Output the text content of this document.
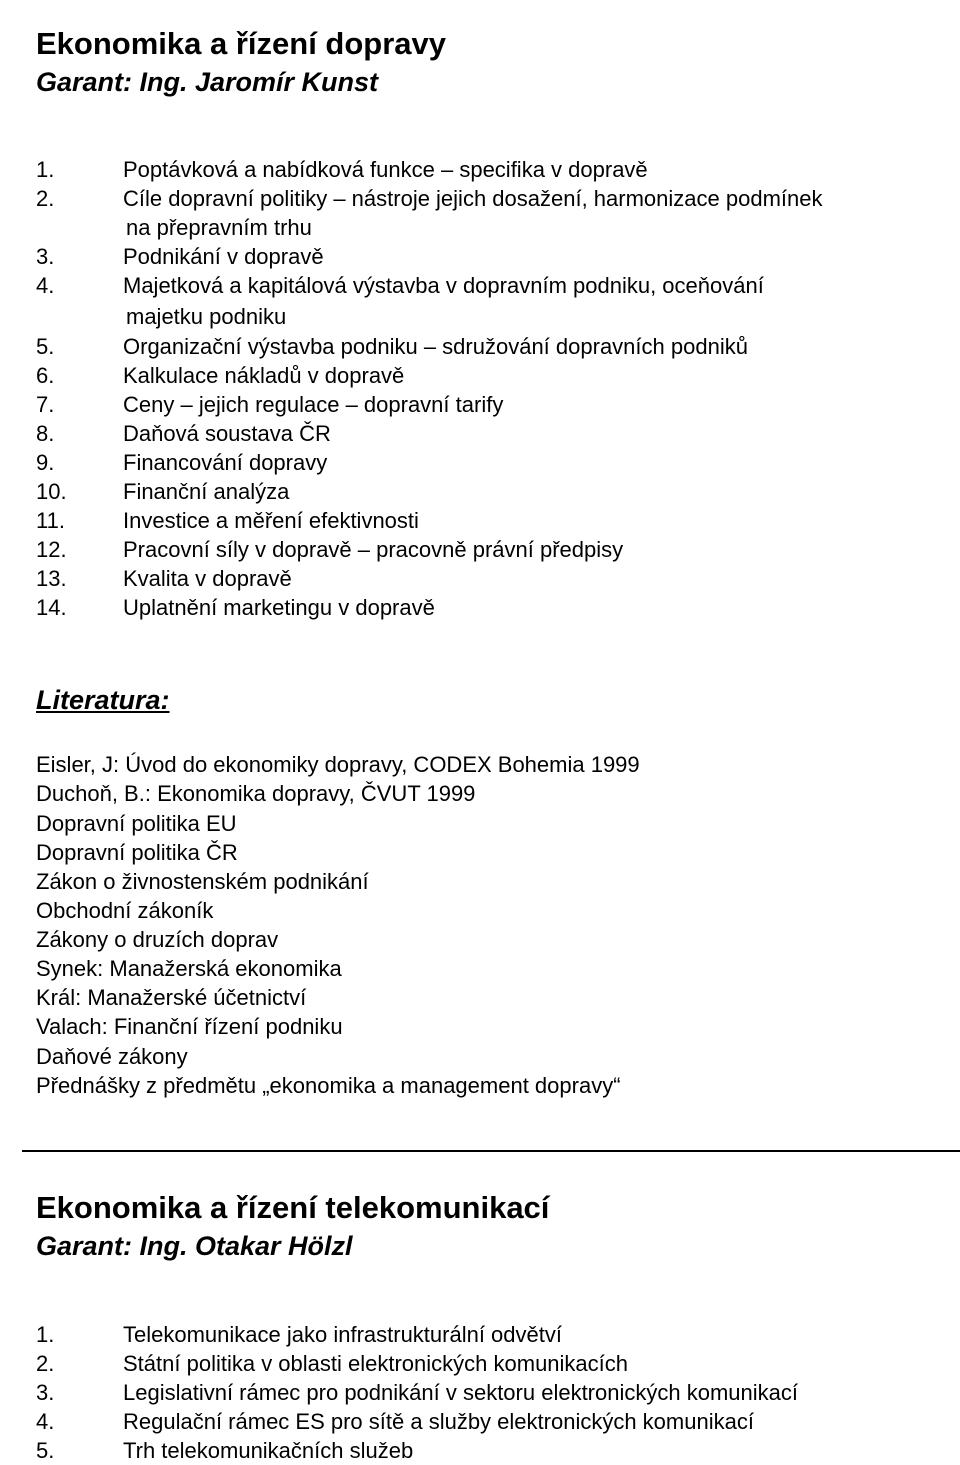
Ekonomika a řízení dopravy
Garant: Ing. Jaromír Kunst
1.	Poptávková a nabídková funkce – specifika v dopravě
2.	Cíle dopravní politiky – nástroje jejich dosažení, harmonizace podmínek
na přepravním trhu
3.	Podnikání v dopravě
4.	Majetková a kapitálová výstavba v dopravním podniku, oceňování
majetku podniku
5.	Organizační výstavba podniku – sdružování dopravních podniků
6.	Kalkulace nákladů v dopravě
7.	Ceny – jejich regulace – dopravní tarify
8.	Daňová soustava ČR
9.	Financování dopravy
10.	Finanční analýza
11.	Investice a měření efektivnosti
12.	Pracovní síly v dopravě – pracovně právní předpisy
13.	Kvalita v dopravě
14.	Uplatnění marketingu v dopravě
Literatura:
Eisler, J: Úvod do ekonomiky dopravy, CODEX Bohemia 1999
Duchoň, B.: Ekonomika dopravy, ČVUT 1999
Dopravní politika EU
Dopravní politika ČR
Zákon o živnostenském podnikání
Obchodní zákoník
Zákony o druzích doprav
Synek: Manažerská ekonomika
Král: Manažerské účetnictví
Valach: Finanční řízení podniku
Daňové zákony
Přednášky z předmětu „ekonomika a management dopravy“
Ekonomika a řízení telekomunikací
Garant: Ing. Otakar Hölzl
1.	Telekomunikace jako infrastrukturální odvětví
2.	Státní politika v oblasti elektronických komunikacích
3.	Legislativní rámec pro podnikání v sektoru elektronických komunikací
4.	Regulační rámec ES pro sítě a služby elektronických komunikací
5.	Trh telekomunikačních služeb
